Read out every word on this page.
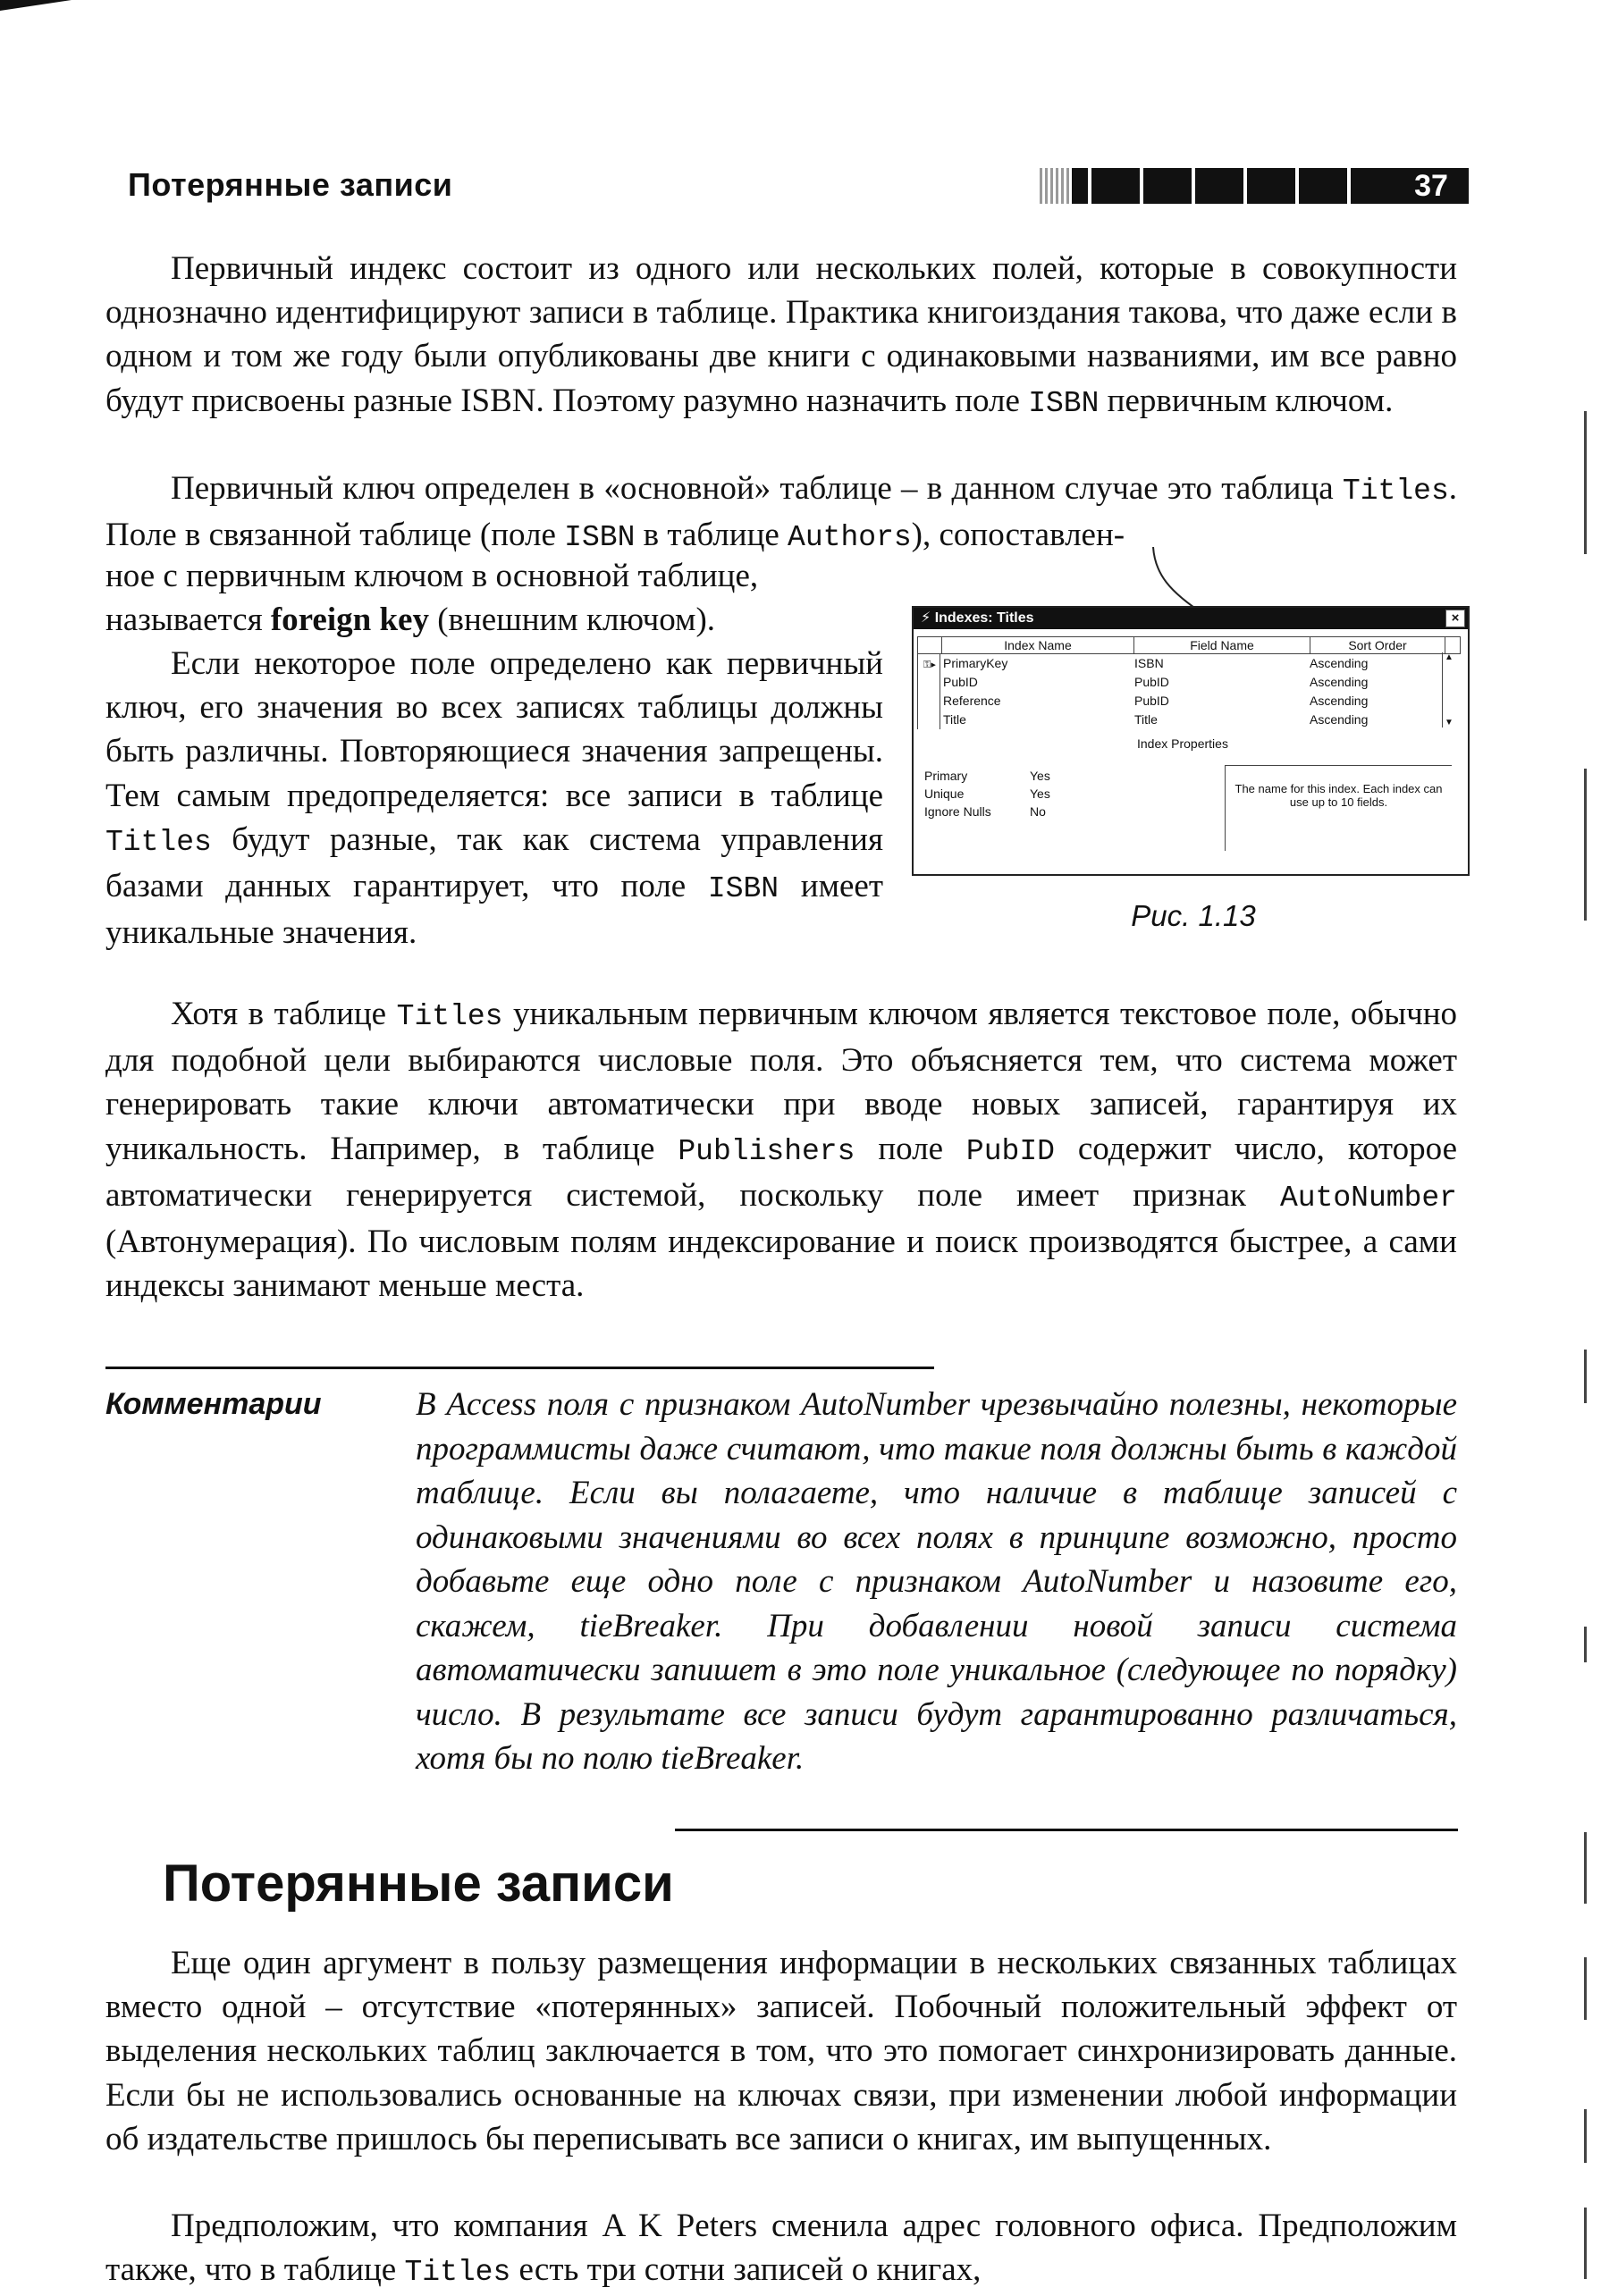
Потерянные записи	37

Первичный индекс состоит из одного или нескольких полей, которые в совокупности однозначно идентифицируют записи в таблице. Практика книгоиздания такова, что даже если в одном и том же году были опубликованы две книги с одинаковыми названиями, им все равно будут присвоены разные ISBN. Поэтому разумно назначить поле ISBN первичным ключом.

Первичный ключ определен в «основной» таблице – в данном случае это таблица Titles. Поле в связанной таблице (поле ISBN в таблице Authors), сопоставлен-

ное с первичным ключом в основной таблице, называется foreign key (внешним ключом).

Если некоторое поле определено как первичный ключ, его значения во всех записях таблицы должны быть различны. Повторяющиеся значения запрещены. Тем самым предопределяется: все записи в таблице Titles будут разные, так как система управления базами данных гарантирует, что поле ISBN имеет уникальные значения.

⚡ Indexes: Titles	×
Index Name	Field Name	Sort Order
⚿▸ PrimaryKey	ISBN	Ascending
PubID	PubID	Ascending
Reference	PubID	Ascending
Title	Title	Ascending
▲
▼
Index Properties
Primary	Yes
Unique	Yes
Ignore Nulls	No
The name for this index. Each index can use up to 10 fields.
Рис. 1.13

Хотя в таблице Titles уникальным первичным ключом является текстовое поле, обычно для подобной цели выбираются числовые поля. Это объясняется тем, что система может генерировать такие ключи автоматически при вводе новых записей, гарантируя их уникальность. Например, в таблице Publishers поле PubID содержит число, которое автоматически генерируется системой, поскольку поле имеет признак AutoNumber (Автонумерация). По числовым полям индексирование и поиск производятся быстрее, а сами индексы занимают меньше места.

Комментарии	В Access поля с признаком AutoNumber чрезвычайно полезны, некоторые программисты даже считают, что такие поля должны быть в каждой таблице. Если вы полагаете, что наличие в таблице записей с одинаковыми значениями во всех полях в принципе возможно, просто добавьте еще одно поле с признаком AutoNumber и назовите его, скажем, tieBreaker. При добавлении новой записи система автоматически запишет в это поле уникальное (следующее по порядку) число. В результате все записи будут гарантированно различаться, хотя бы по полю tieBreaker.

Потерянные записи

Еще один аргумент в пользу размещения информации в нескольких связанных таблицах вместо одной – отсутствие «потерянных» записей. Побочный положительный эффект от выделения нескольких таблиц заключается в том, что это помогает синхронизировать данные. Если бы не использовались основанные на ключах связи, при изменении любой информации об издательстве пришлось бы переписывать все записи о книгах, им выпущенных.

Предположим, что компания A K Peters сменила адрес головного офиса. Предположим также, что в таблице Titles есть три сотни записей о книгах,
